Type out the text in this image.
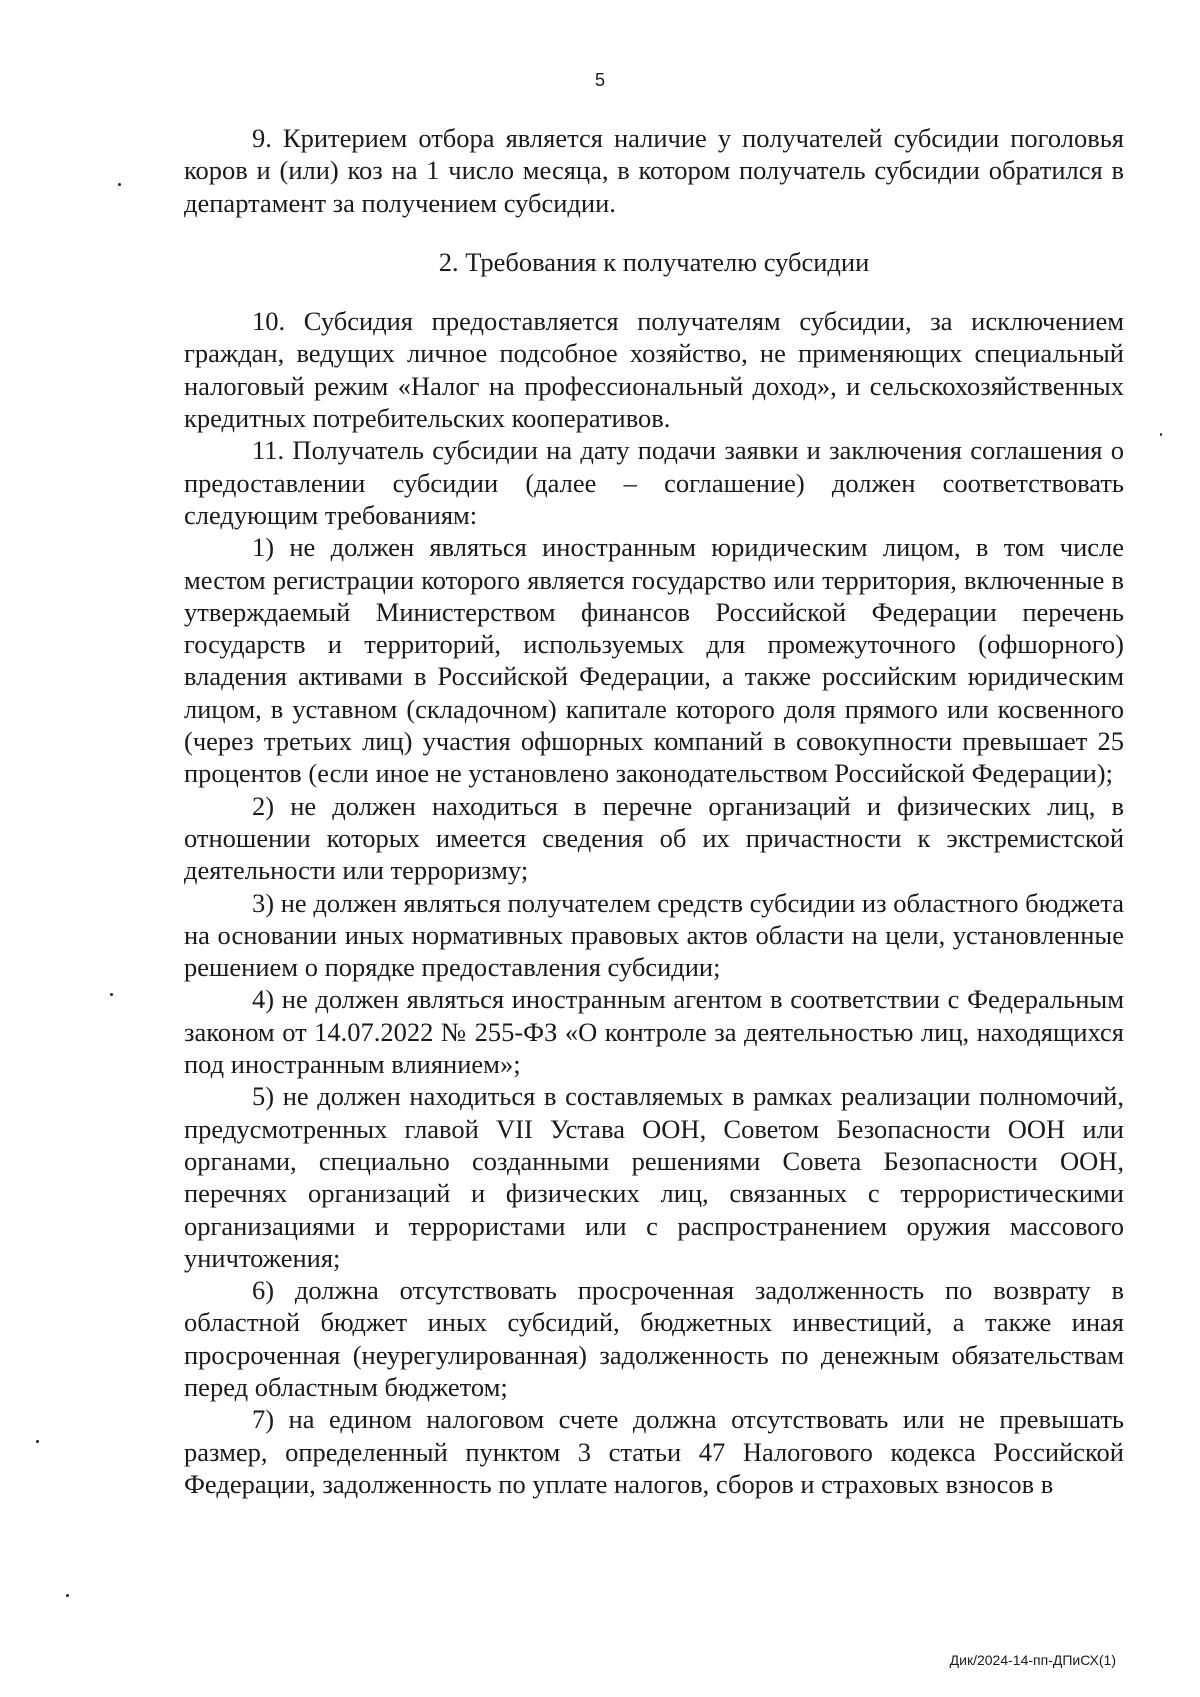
5

9. Критерием отбора является наличие у получателей субсидии поголовья коров и (или) коз на 1 число месяца, в котором получатель субсидии обратился в департамент за получением субсидии.

2. Требования к получателю субсидии

10. Субсидия предоставляется получателям субсидии, за исключением граждан, ведущих личное подсобное хозяйство, не применяющих специальный налоговый режим «Налог на профессиональный доход», и сельскохозяйственных кредитных потребительских кооперативов.

11. Получатель субсидии на дату подачи заявки и заключения соглашения о предоставлении субсидии (далее – соглашение) должен соответствовать следующим требованиям:

1) не должен являться иностранным юридическим лицом, в том числе местом регистрации которого является государство или территория, включенные в утверждаемый Министерством финансов Российской Федерации перечень государств и территорий, используемых для промежуточного (офшорного) владения активами в Российской Федерации, а также российским юридическим лицом, в уставном (складочном) капитале которого доля прямого или косвенного (через третьих лиц) участия офшорных компаний в совокупности превышает 25 процентов (если иное не установлено законодательством Российской Федерации);

2) не должен находиться в перечне организаций и физических лиц, в отношении которых имеется сведения об их причастности к экстремистской деятельности или терроризму;

3) не должен являться получателем средств субсидии из областного бюджета на основании иных нормативных правовых актов области на цели, установленные решением о порядке предоставления субсидии;

4) не должен являться иностранным агентом в соответствии с Федеральным законом от 14.07.2022 № 255-ФЗ «О контроле за деятельностью лиц, находящихся под иностранным влиянием»;

5) не должен находиться в составляемых в рамках реализации полномочий, предусмотренных главой VII Устава ООН, Советом Безопасности ООН или органами, специально созданными решениями Совета Безопасности ООН, перечнях организаций и физических лиц, связанных с террористическими организациями и террористами или с распространением оружия массового уничтожения;

6) должна отсутствовать просроченная задолженность по возврату в областной бюджет иных субсидий, бюджетных инвестиций, а также иная просроченная (неурегулированная) задолженность по денежным обязательствам перед областным бюджетом;

7) на едином налоговом счете должна отсутствовать или не превышать размер, определенный пунктом 3 статьи 47 Налогового кодекса Российской Федерации, задолженность по уплате налогов, сборов и страховых взносов в

Дик/2024-14-пп-ДПиСХ(1)
